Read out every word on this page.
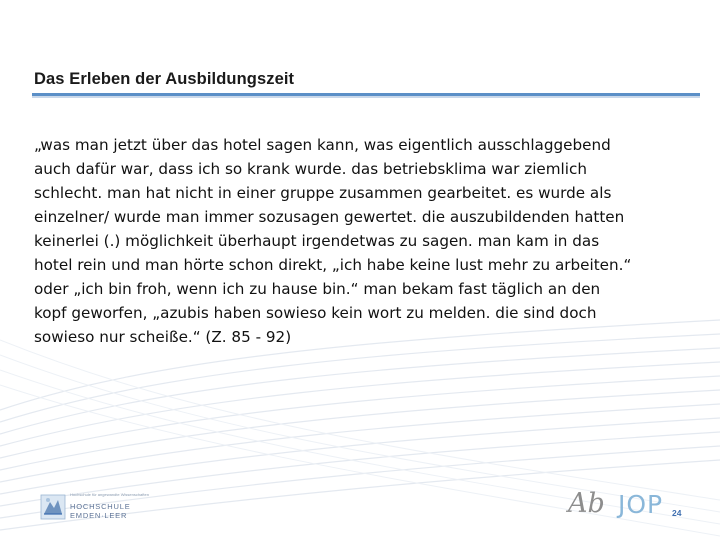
Das Erleben der Ausbildungszeit
„was man jetzt über das hotel sagen kann, was eigentlich ausschlaggebend
auch dafür war, dass ich so krank wurde. das betriebsklima war ziemlich
schlecht. man hat nicht in einer gruppe zusammen gearbeitet. es wurde als
einzelner/ wurde man immer sozusagen gewertet. die auszubildenden hatten
keinerlei (.) möglichkeit überhaupt irgendetwas zu sagen. man kam in das
hotel rein und man hörte schon direkt, „ich habe keine lust mehr zu arbeiten.“
oder „ich bin froh, wenn ich zu hause bin.“ man bekam fast täglich an den
kopf geworfen, „azubis haben sowieso kein wort zu melden. die sind doch
sowieso nur scheiße.“ (Z. 85 - 92)
Hochschule für angewandte Wissenschaften
HOCHSCHULE
EMDEN·LEER	Ab JOP 24
